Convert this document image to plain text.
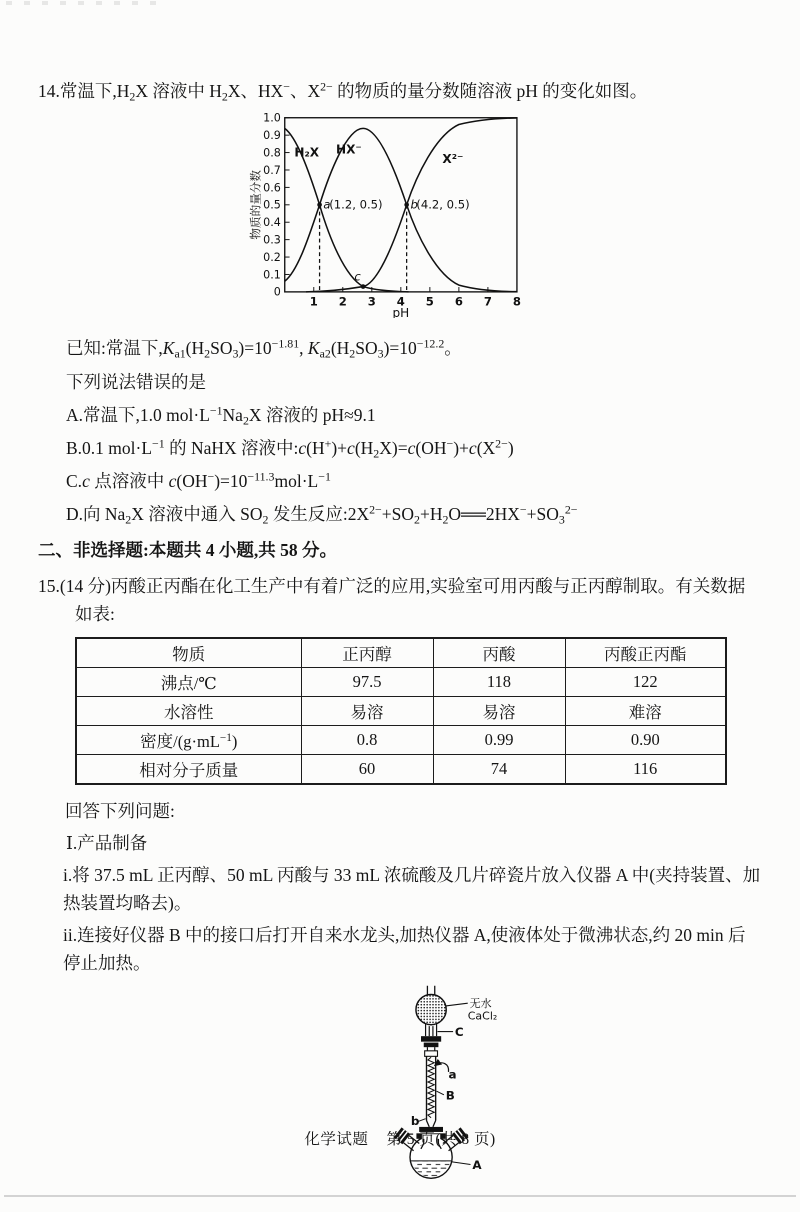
14.常温下$,H_2X$ 溶液中 $H_2X$、HX−、$X^{2-}$ 的物质的量分数随溶液 pH 的变化如图。
1.0
0.9
0.8
0.7
0.6
0.5
0.4
0.3
0.2
0.1
0
1 2 3 4 5 6 7 8
pH
物质的量分数
H₂X HX⁻
X²⁻
a
(1.2, 0.5) b
(4.2, 0.5)
c
已知:常温下$,K_{a1}(H_2SO_3)=10^{-1.81}$, $K_{a2}(H_2SO_3)=10^{-12.2}$。
下列说法错误的是
A.常温下,1.0 $mol\cdot L^{-1}Na_2X$ 溶液的 pH≈9.1
B.0.1 $mol\cdot L^{-1}$ 的 NaHX 溶液中$:c(H^+)+c(H_2X)=c(OH^-)+c(X^{2-})$
C.c 点溶液中 $c(OH^-)=10^{-11.3}mol\cdot L^{-1}$
D.向 $Na_2X$ 溶液中通入 $SO_2$ 发生反应$:2X^{2-}+SO_2+H_2O══2HX^-+SO_3^{2-}$
二、非选择题:本题共 4 小题,共 58 分。
15.(14 分)丙酸正丙酯在化工生产中有着广泛的应用,实验室可用丙酸与正丙醇制取。有关数据如表:
物质	正丙醇	丙酸	丙酸正丙酯
沸点/℃	97.5	118	122
水溶性	易溶	易溶	难溶
密度$/(g\cdot mL^{-1})$	0.8	0.99	0.90
相对分子质量	60	74	116
回答下列问题:
Ⅰ.产品制备
i.将 37.5 mL 正丙醇、50 mL 丙酸与 33 mL 浓硫酸及几片碎瓷片放入仪器 A 中(夹持装置、加热装置均略去)。
ii.连接好仪器 B 中的接口后打开自来水龙头,加热仪器 A,使液体处于微沸状态,约 20 min 后停止加热。
无水
CaCl₂
C
B
a
b
A
化学试题 第 5 页(共 8 页)
